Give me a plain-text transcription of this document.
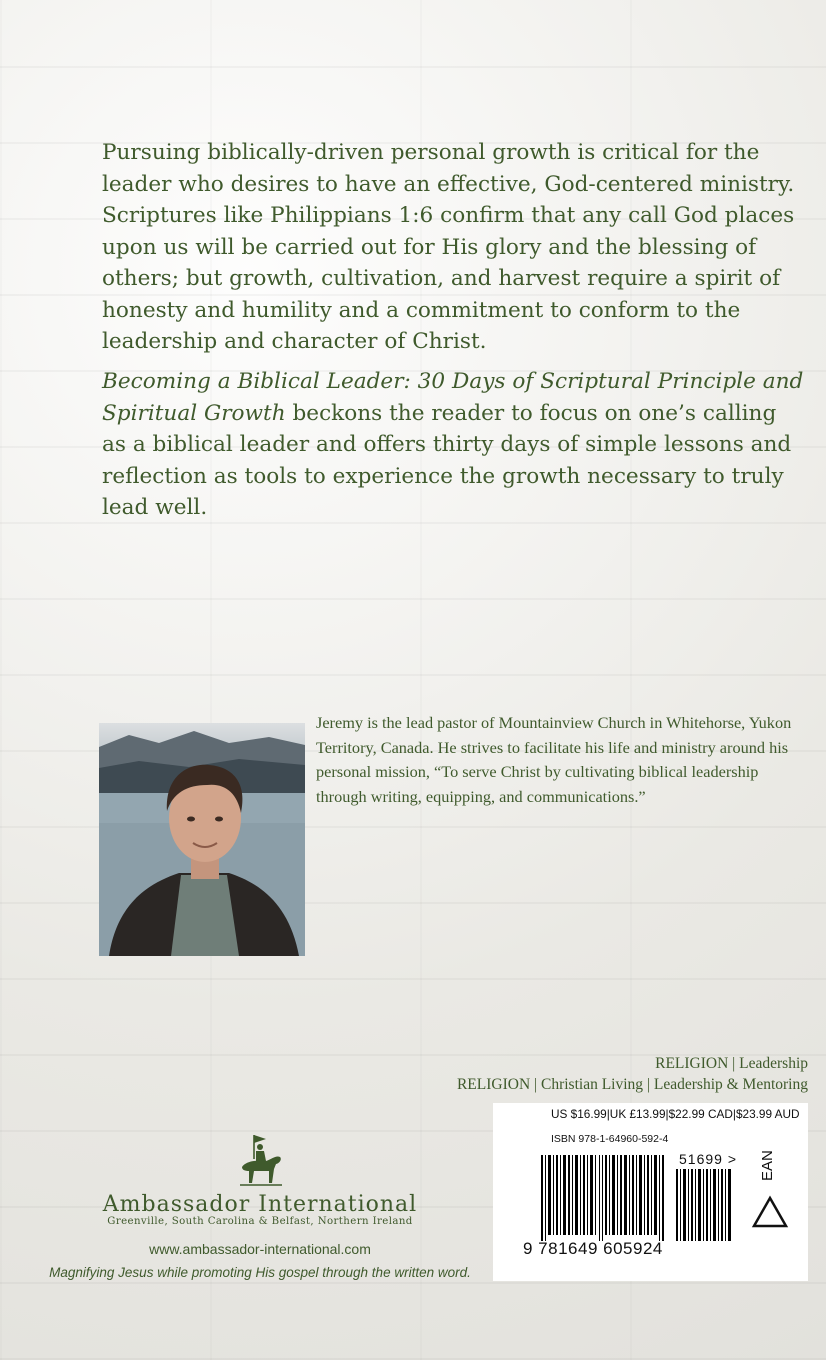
Pursuing biblically-driven personal growth is critical for the leader who desires to have an effective, God-centered ministry. Scriptures like Philippians 1:6 confirm that any call God places upon us will be carried out for His glory and the blessing of others; but growth, cultivation, and harvest require a spirit of honesty and humility and a commitment to conform to the leadership and character of Christ.

Becoming a Biblical Leader: 30 Days of Scriptural Principle and Spiritual Growth beckons the reader to focus on one’s calling as a biblical leader and offers thirty days of simple lessons and reflection as tools to experience the growth necessary to truly lead well.

Jeremy is the lead pastor of Mountainview Church in Whitehorse, Yukon Territory, Canada. He strives to facilitate his life and ministry around his personal mission, “To serve Christ by cultivating biblical leadership through writing, equipping, and communications.”

RELIGION | Leadership
RELIGION | Christian Living | Leadership & Mentoring
Ambassador International
Greenville, South Carolina & Belfast, Northern Ireland
www.ambassador-international.com
Magnifying Jesus while promoting His gospel through the written word.
US $16.99|UK £13.99|$22.99 CAD|$23.99 AUD
ISBN 978-1-64960-592-4
9 781649 605924
51699 > EAN
